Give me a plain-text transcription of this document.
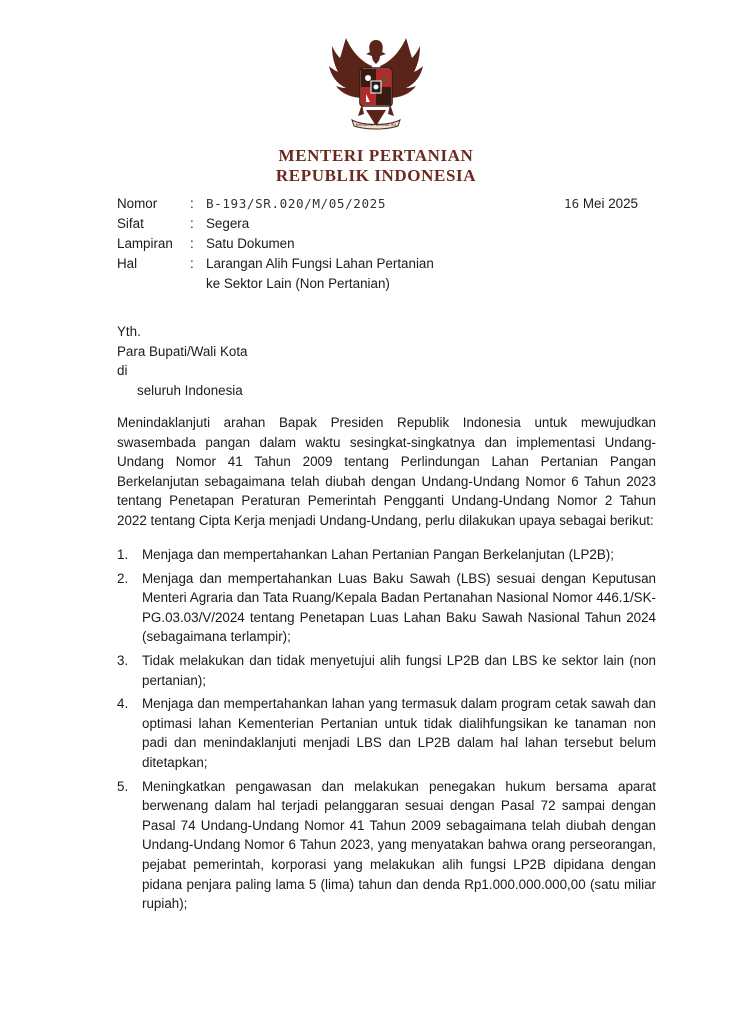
BHINNEKA TUNGGAL IKA
MENTERI PERTANIAN
REPUBLIK INDONESIA
Nomor	: B-193/SR.020/M/05/2025
Sifat	: Segera
Lampiran	: Satu Dokumen
Hal	: Larangan Alih Fungsi Lahan Pertanian
ke Sektor Lain (Non Pertanian)
16 Mei 2025
Yth.
Para Bupati/Wali Kota
di
seluruh Indonesia

Menindaklanjuti arahan Bapak Presiden Republik Indonesia untuk mewujudkan swasembada pangan dalam waktu sesingkat-singkatnya dan implementasi Undang-Undang Nomor 41 Tahun 2009 tentang Perlindungan Lahan Pertanian Pangan Berkelanjutan sebagaimana telah diubah dengan Undang-Undang Nomor 6 Tahun 2023 tentang Penetapan Peraturan Pemerintah Pengganti Undang-Undang Nomor 2 Tahun 2022 tentang Cipta Kerja menjadi Undang-Undang, perlu dilakukan upaya sebagai berikut:

1.	Menjaga dan mempertahankan Lahan Pertanian Pangan Berkelanjutan (LP2B);
2.	Menjaga dan mempertahankan Luas Baku Sawah (LBS) sesuai dengan Keputusan Menteri Agraria dan Tata Ruang/Kepala Badan Pertanahan Nasional Nomor 446.1/SK-PG.03.03/V/2024 tentang Penetapan Luas Lahan Baku Sawah Nasional Tahun 2024 (sebagaimana terlampir);
3.	Tidak melakukan dan tidak menyetujui alih fungsi LP2B dan LBS ke sektor lain (non pertanian);
4.	Menjaga dan mempertahankan lahan yang termasuk dalam program cetak sawah dan optimasi lahan Kementerian Pertanian untuk tidak dialihfungsikan ke tanaman non padi dan menindaklanjuti menjadi LBS dan LP2B dalam hal lahan tersebut belum ditetapkan;
5.	Meningkatkan pengawasan dan melakukan penegakan hukum bersama aparat berwenang dalam hal terjadi pelanggaran sesuai dengan Pasal 72 sampai dengan Pasal 74 Undang-Undang Nomor 41 Tahun 2009 sebagaimana telah diubah dengan Undang-Undang Nomor 6 Tahun 2023, yang menyatakan bahwa orang perseorangan, pejabat pemerintah, korporasi yang melakukan alih fungsi LP2B dipidana dengan pidana penjara paling lama 5 (lima) tahun dan denda Rp1.000.000.000,00 (satu miliar rupiah);
